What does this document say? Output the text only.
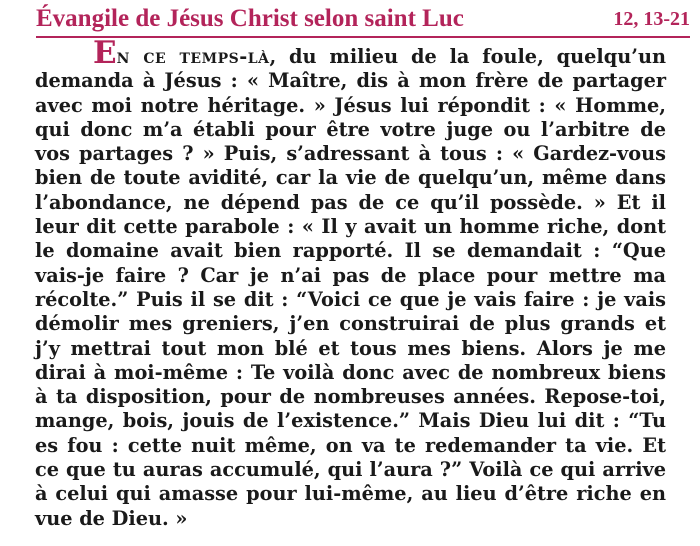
Évangile de Jésus Christ selon saint Luc	12, 13-21

En ce temps-là, du milieu de la foule, quelqu’un demanda à Jésus : « Maître, dis à mon frère de partager avec moi notre héritage. » Jésus lui répondit : « Homme, qui donc m’a établi pour être votre juge ou l’arbitre de vos partages ? » Puis, s’adressant à tous : « Gardez-vous bien de toute avidité, car la vie de quelqu’un, même dans l’abondance, ne dépend pas de ce qu’il possède. » Et il leur dit cette parabole : « Il y avait un homme riche, dont le domaine avait bien rapporté. Il se demandait : “Que vais-je faire ? Car je n’ai pas de place pour mettre ma récolte.” Puis il se dit : “Voici ce que je vais faire : je vais démolir mes greniers, j’en construirai de plus grands et j’y mettrai tout mon blé et tous mes biens. Alors je me dirai à moi-même : Te voilà donc avec de nombreux biens à ta disposition, pour de nombreuses années. Repose-toi, mange, bois, jouis de l’existence.” Mais Dieu lui dit : “Tu es fou : cette nuit même, on va te redemander ta vie. Et ce que tu auras accumulé, qui l’aura ?” Voilà ce qui arrive à celui qui amasse pour lui-même, au lieu d’être riche en vue de Dieu. »
